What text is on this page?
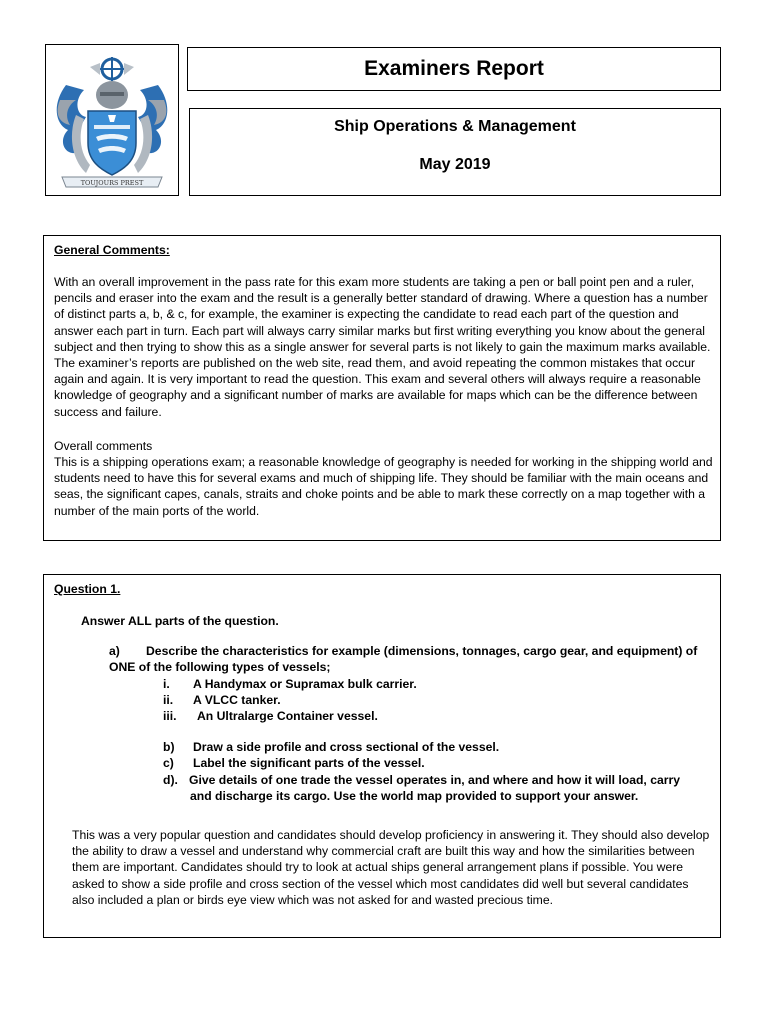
TOUJOURS PREST
Examiners Report
Ship Operations & Management
May 2019
General Comments:
With an overall improvement in the pass rate for this exam more students are taking a pen or ball point pen and a ruler, pencils and eraser into the exam and the result is a generally better standard of drawing. Where a question has a number of distinct parts a, b, & c, for example, the examiner is expecting the candidate to read each part of the question and answer each part in turn. Each part will always carry similar marks but first writing everything you know about the general subject and then trying to show this as a single answer for several parts is not likely to gain the maximum marks available. The examiner’s reports are published on the web site, read them, and avoid repeating the common mistakes that occur again and again. It is very important to read the question. This exam and several others will always require a reasonable knowledge of geography and a significant number of marks are available for maps which can be the difference between success and failure.
Overall comments
This is a shipping operations exam; a reasonable knowledge of geography is needed for working in the shipping world and students need to have this for several exams and much of shipping life. They should be familiar with the main oceans and seas, the significant capes, canals, straits and choke points and be able to mark these correctly on a map together with a number of the main ports of the world.
Question 1.
Answer ALL parts of the question.
a) Describe the characteristics for example (dimensions, tonnages, cargo gear, and equipment) of
ONE of the following types of vessels;
i. A Handymax or Supramax bulk carrier.
ii. A VLCC tanker.
iii. An Ultralarge Container vessel.
b) Draw a side profile and cross sectional of the vessel.
c) Label the significant parts of the vessel.
d). Give details of one trade the vessel operates in, and where and how it will load, carry
and discharge its cargo. Use the world map provided to support your answer.
This was a very popular question and candidates should develop proficiency in answering it. They should also develop the ability to draw a vessel and understand why commercial craft are built this way and how the similarities between them are important. Candidates should try to look at actual ships general arrangement plans if possible. You were asked to show a side profile and cross section of the vessel which most candidates did well but several candidates also included a plan or birds eye view which was not asked for and wasted precious time.
